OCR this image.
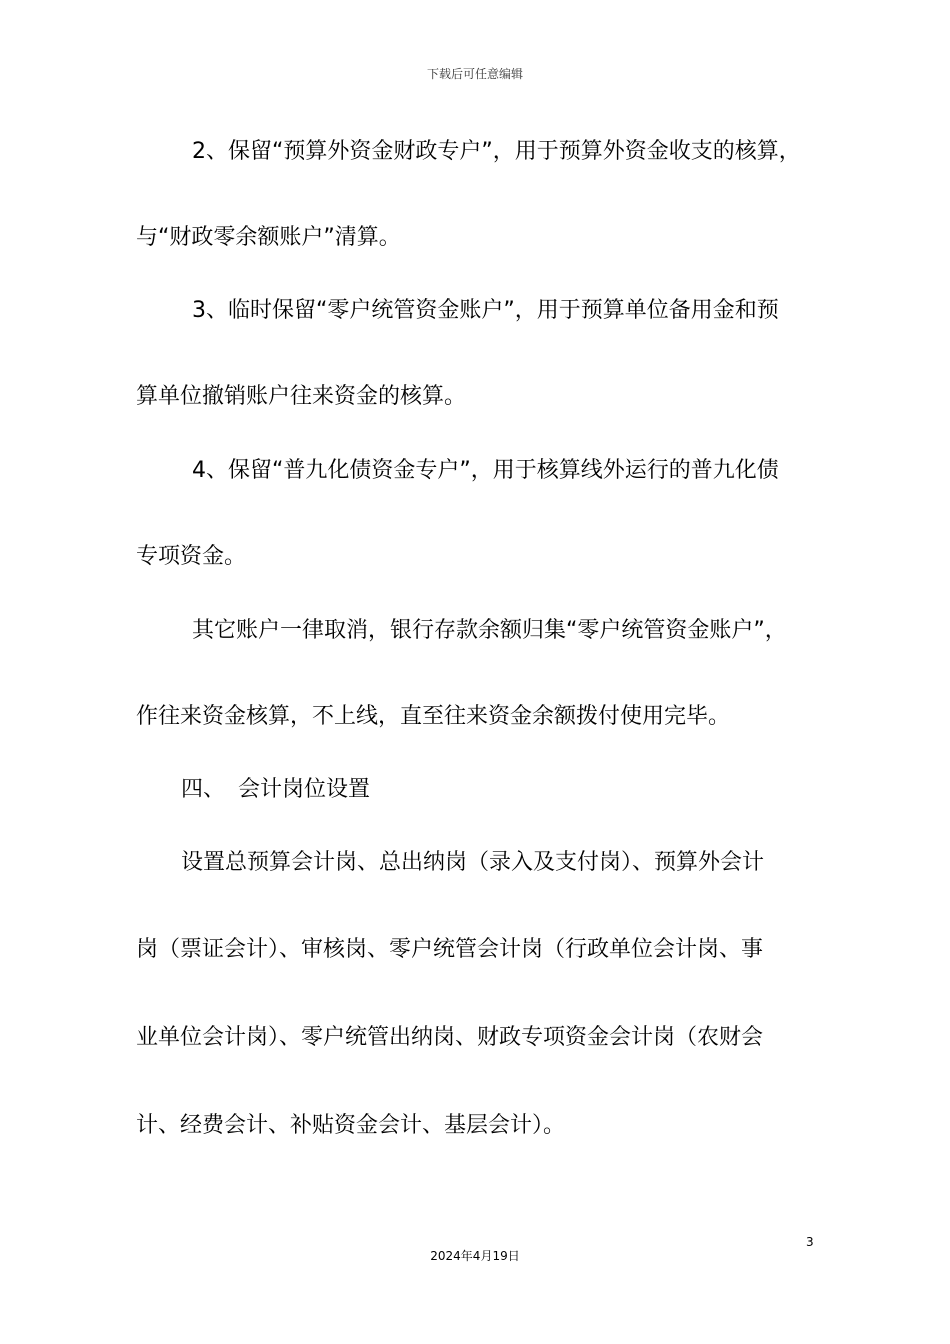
下载后可任意编辑
2、保留“预算外资金财政专户”，用于预算外资金收支的核算，
与“财政零余额账户”清算。
3、临时保留“零户统管资金账户”，用于预算单位备用金和预
算单位撤销账户往来资金的核算。
4、保留“普九化债资金专户”，用于核算线外运行的普九化债
专项资金。
其它账户一律取消，银行存款余额归集“零户统管资金账户”，
作往来资金核算，不上线，直至往来资金余额拨付使用完毕。
四、 会计岗位设置
设置总预算会计岗、总出纳岗（录入及支付岗）、预算外会计
岗（票证会计）、审核岗、零户统管会计岗（行政单位会计岗、事
业单位会计岗）、零户统管出纳岗、财政专项资金会计岗（农财会
计、经费会计、补贴资金会计、基层会计）。
3
2024年4月19日
